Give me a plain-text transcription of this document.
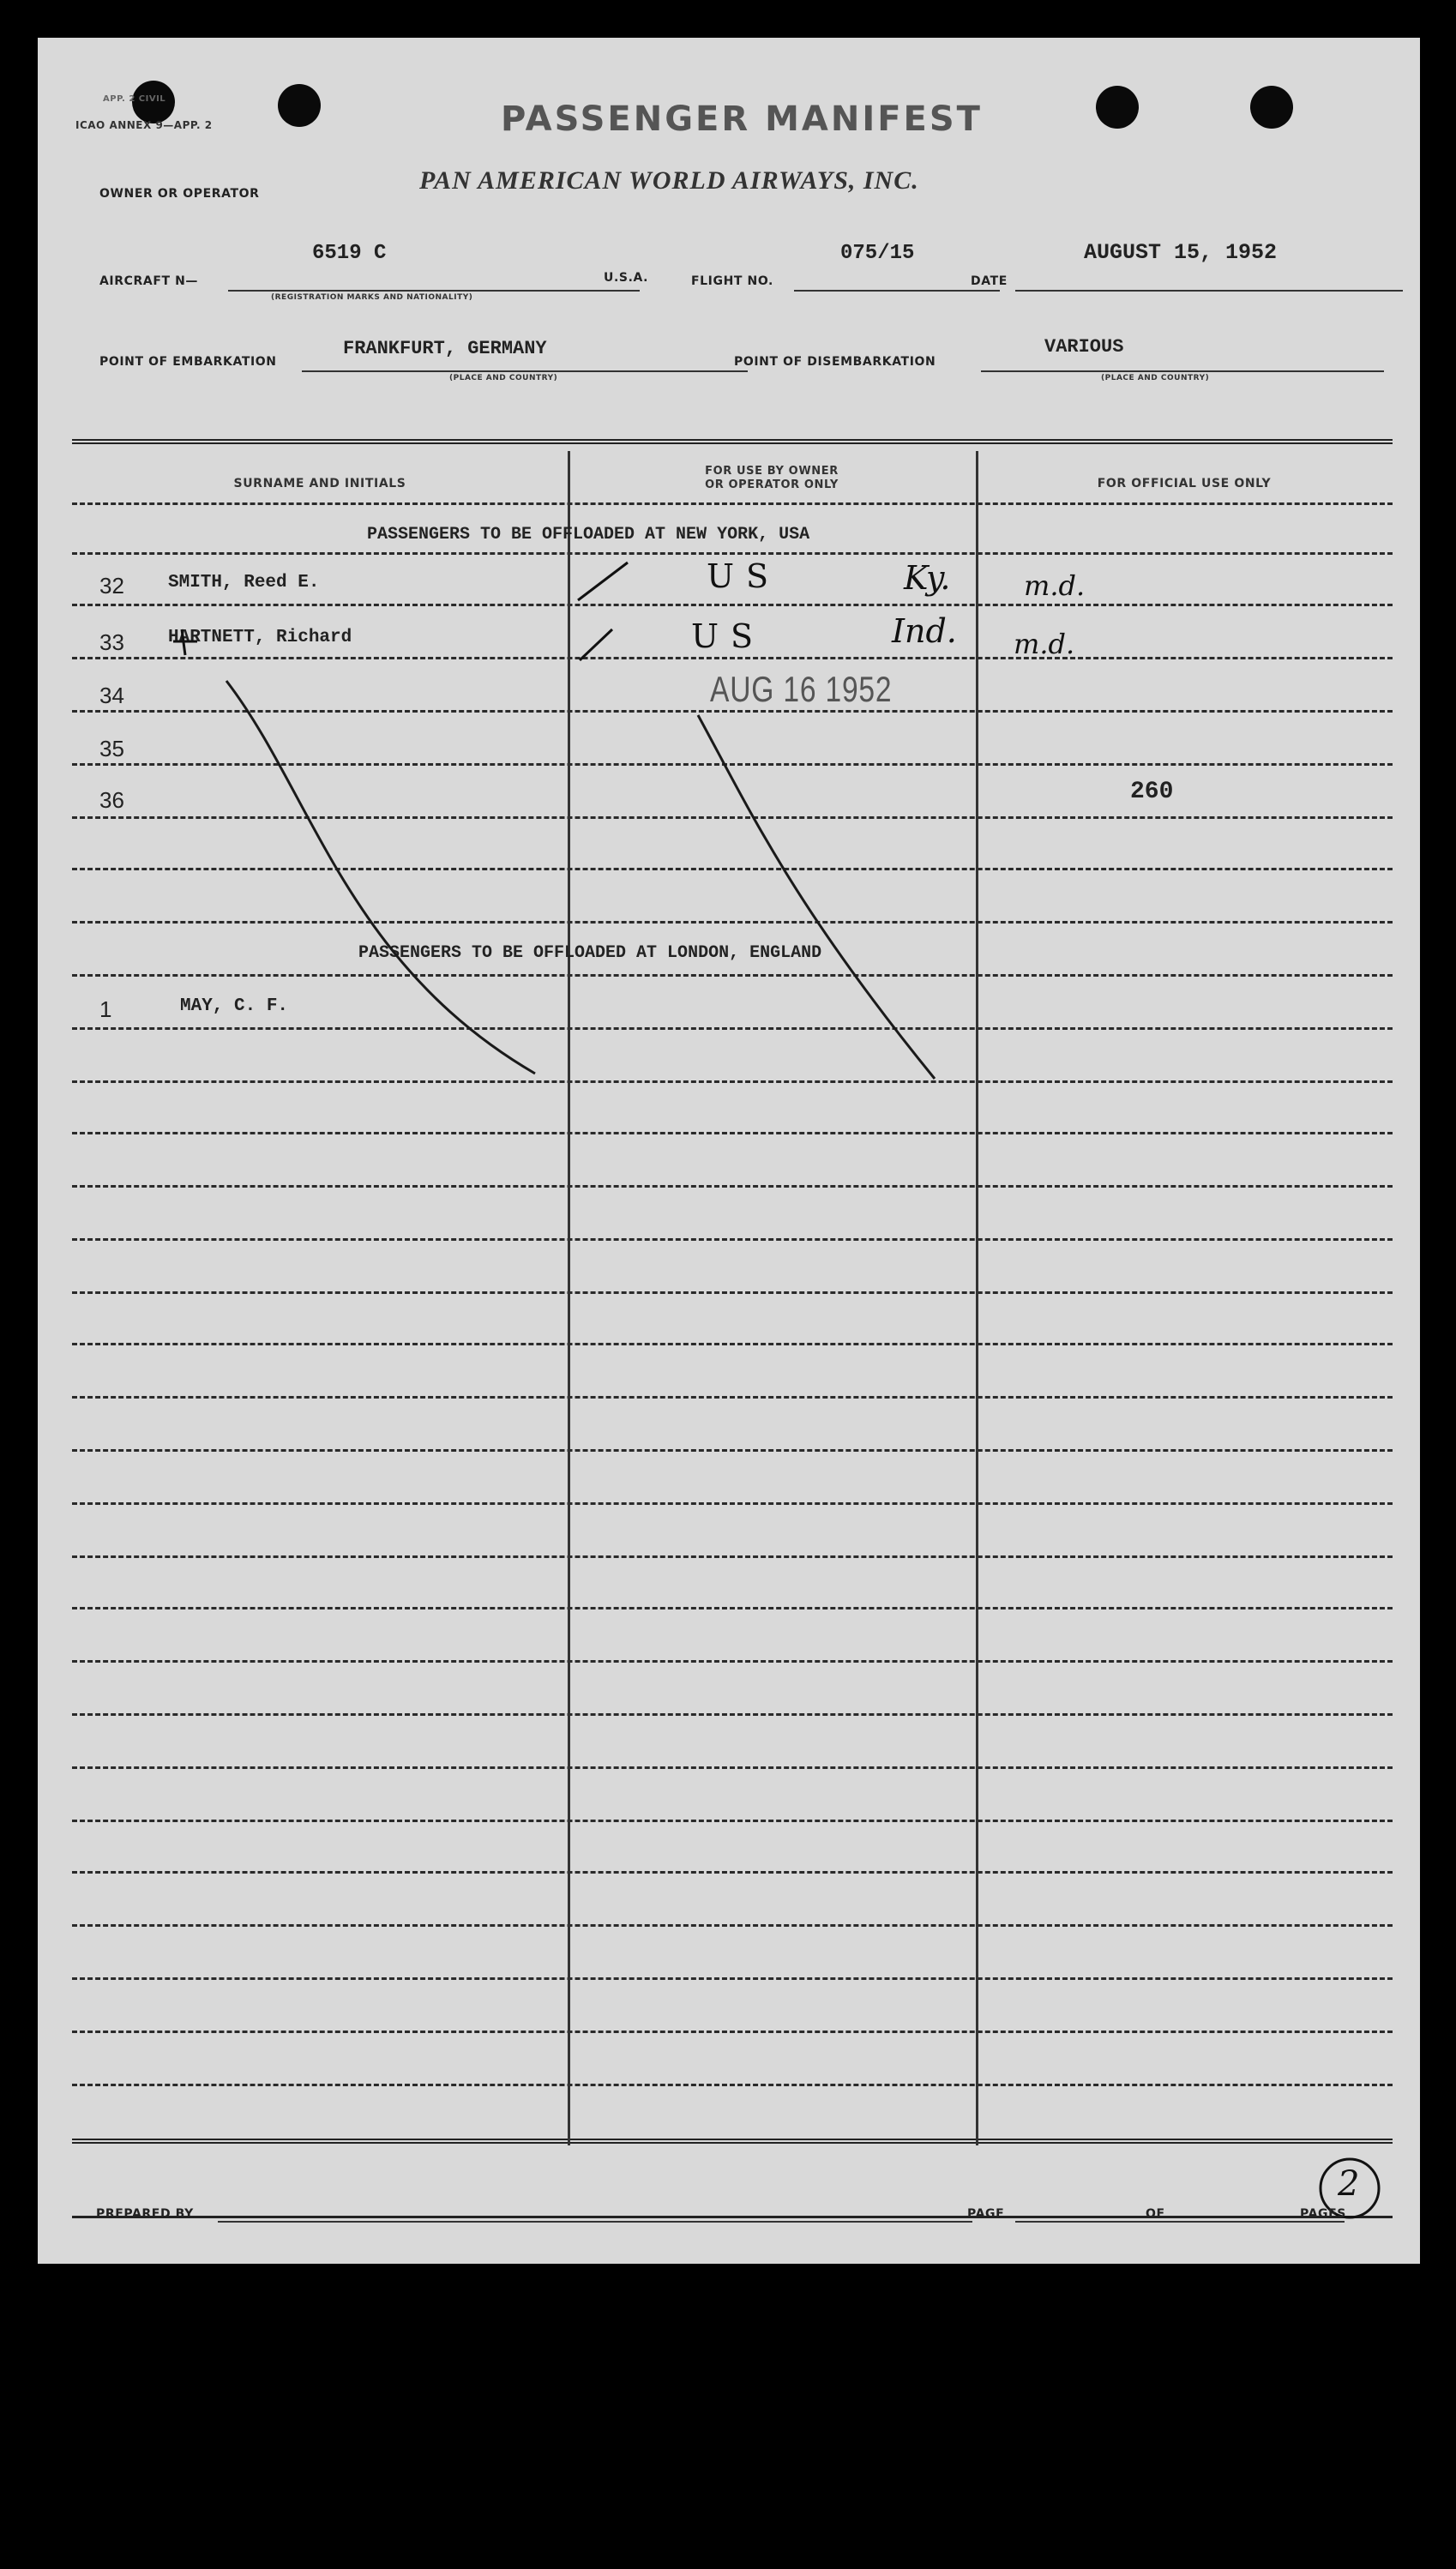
APP. 2 CIVIL
ICAO ANNEX 9—APP. 2	PASSENGER MANIFEST
OWNER OR OPERATOR	PAN AMERICAN WORLD AIRWAYS, INC.
AIRCRAFT N—
6519 C
(REGISTRATION MARKS AND NATIONALITY)
U.S.A.	FLIGHT NO.
075/15
DATE
AUGUST 15, 1952
POINT OF EMBARKATION
FRANKFURT, GERMANY
(PLACE AND COUNTRY)
POINT OF DISEMBARKATION
VARIOUS
(PLACE AND COUNTRY)
SURNAME AND INITIALS
FOR USE BY OWNER
OR OPERATOR ONLY	FOR OFFICIAL USE ONLY
PASSENGERS TO BE OFFLOADED AT NEW YORK, USA
32 SMITH, Reed E.	US	Ky.	m.d.
33 HARTNETT, Richard	US	Ind. m.d.
AUG 16 1952
34
35
36	260
PASSENGERS TO BE OFFLOADED AT LONDON, ENGLAND
1	MAY, C. F.
PREPARED BY	PAGE	OF	PAGES
2
